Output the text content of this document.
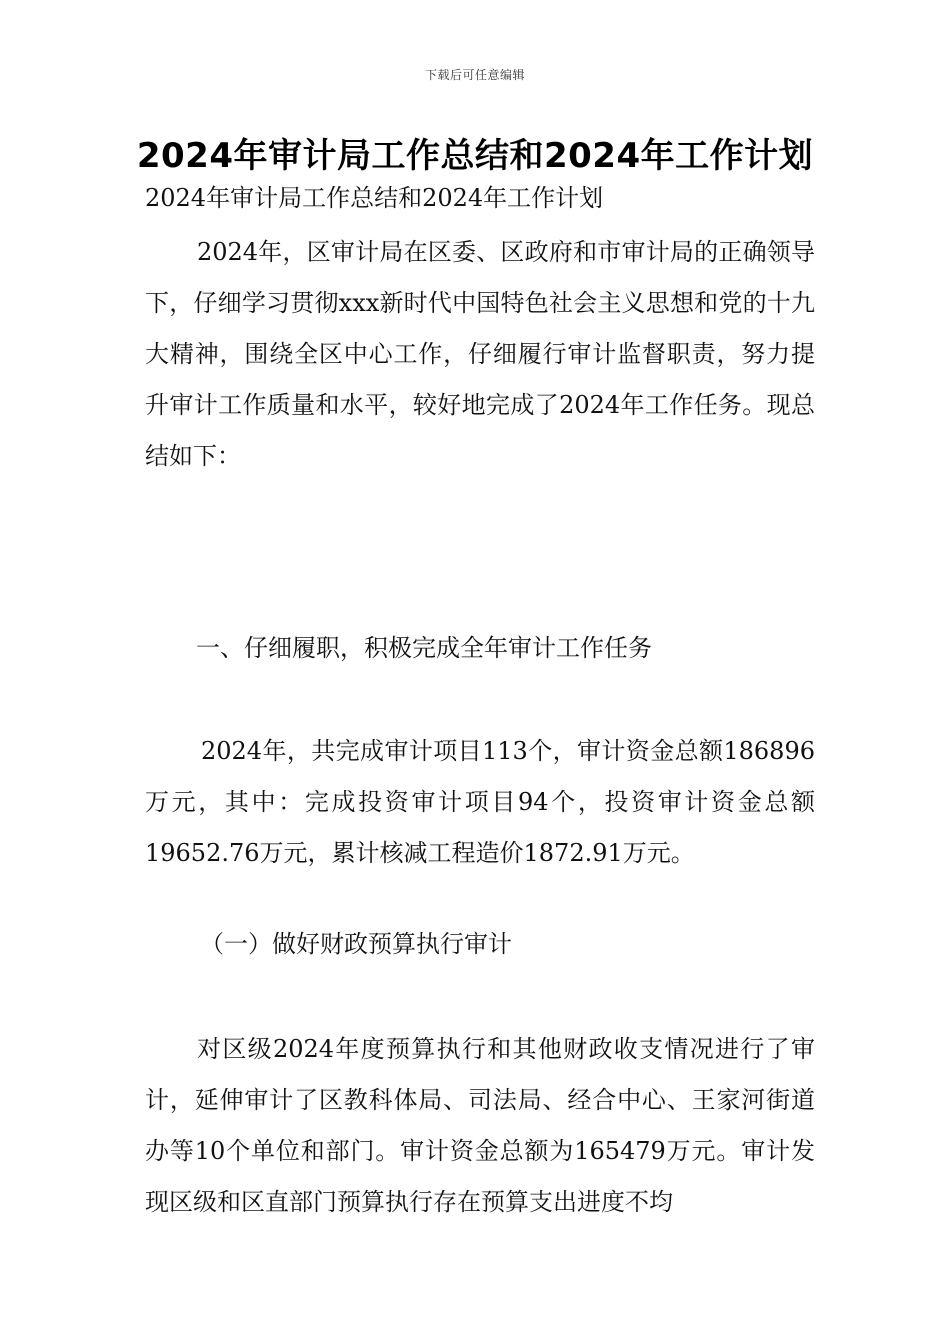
下载后可任意编辑
2024年审计局工作总结和2024年工作计划

2024年审计局工作总结和2024年工作计划

2024年，区审计局在区委、区政府和市审计局的正确领导下，仔细学习贯彻xxx新时代中国特色社会主义思想和党的十九大精神，围绕全区中心工作，仔细履行审计监督职责，努力提升审计工作质量和水平，较好地完成了2024年工作任务。现总结如下：

一、仔细履职，积极完成全年审计工作任务

2024年，共完成审计项目113个，审计资金总额186896 万元，其中：完成投资审计项目94个，投资审计资金总额19652.76万元，累计核减工程造价1872.91万元。

（一）做好财政预算执行审计

对区级2024年度预算执行和其他财政收支情况进行了审计，延伸审计了区教科体局、司法局、经合中心、王家河街道办等10个单位和部门。审计资金总额为165479万元。审计发现区级和区直部门预算执行存在预算支出进度不均
